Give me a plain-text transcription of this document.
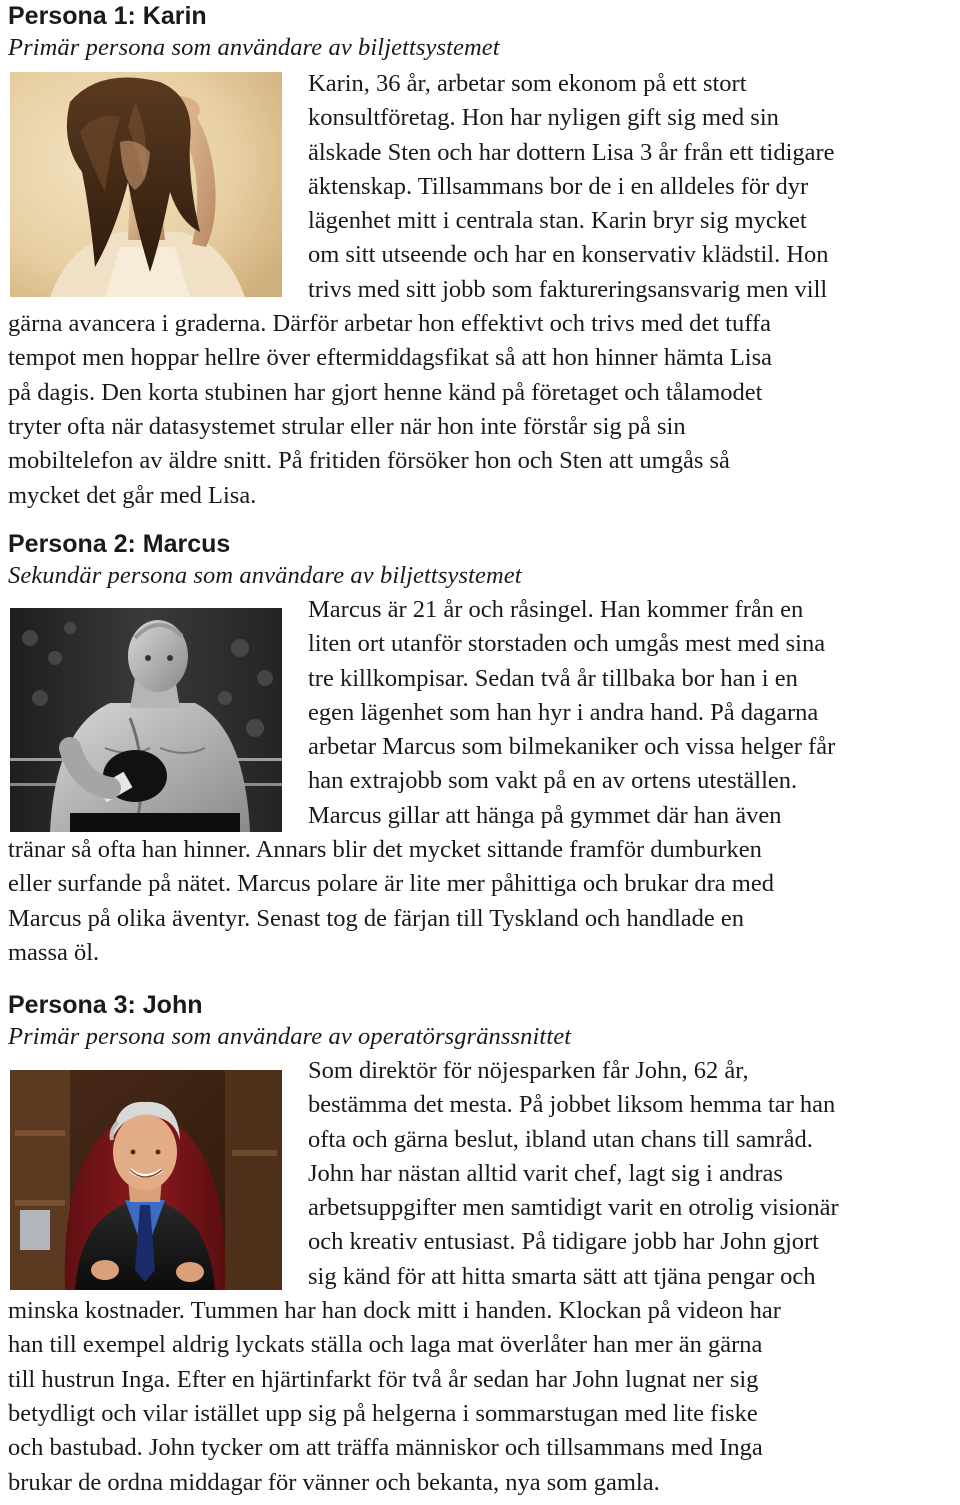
Persona 1: Karin
Primär persona som användare av biljettsystemet
Karin, 36 år, arbetar som ekonom på ett stort
konsultföretag. Hon har nyligen gift sig med sin
älskade Sten och har dottern Lisa 3 år från ett tidigare
äktenskap. Tillsammans bor de i en alldeles för dyr
lägenhet mitt i centrala stan. Karin bryr sig mycket
om sitt utseende och har en konservativ klädstil. Hon
trivs med sitt jobb som faktureringsansvarig men vill
gärna avancera i graderna. Därför arbetar hon effektivt och trivs med det tuffa
tempot men hoppar hellre över eftermiddagsfikat så att hon hinner hämta Lisa
på dagis. Den korta stubinen har gjort henne känd på företaget och tålamodet
tryter ofta när datasystemet strular eller när hon inte förstår sig på sin
mobiltelefon av äldre snitt. På fritiden försöker hon och Sten att umgås så
mycket det går med Lisa.
Persona 2: Marcus
Sekundär persona som användare av biljettsystemet
Marcus är 21 år och råsingel. Han kommer från en
liten ort utanför storstaden och umgås mest med sina
tre killkompisar. Sedan två år tillbaka bor han i en
egen lägenhet som han hyr i andra hand. På dagarna
arbetar Marcus som bilmekaniker och vissa helger får
han extrajobb som vakt på en av ortens uteställen.
Marcus gillar att hänga på gymmet där han även
tränar så ofta han hinner. Annars blir det mycket sittande framför dumburken
eller surfande på nätet. Marcus polare är lite mer påhittiga och brukar dra med
Marcus på olika äventyr. Senast tog de färjan till Tyskland och handlade en
massa öl.
Persona 3: John
Primär persona som användare av operatörsgränssnittet
Som direktör för nöjesparken får John, 62 år,
bestämma det mesta. På jobbet liksom hemma tar han
ofta och gärna beslut, ibland utan chans till samråd.
John har nästan alltid varit chef, lagt sig i andras
arbetsuppgifter men samtidigt varit en otrolig visionär
och kreativ entusiast. På tidigare jobb har John gjort
sig känd för att hitta smarta sätt att tjäna pengar och
minska kostnader. Tummen har han dock mitt i handen. Klockan på videon har
han till exempel aldrig lyckats ställa och laga mat överlåter han mer än gärna
till hustrun Inga. Efter en hjärtinfarkt för två år sedan har John lugnat ner sig
betydligt och vilar istället upp sig på helgerna i sommarstugan med lite fiske
och bastubad. John tycker om att träffa människor och tillsammans med Inga
brukar de ordna middagar för vänner och bekanta, nya som gamla.
